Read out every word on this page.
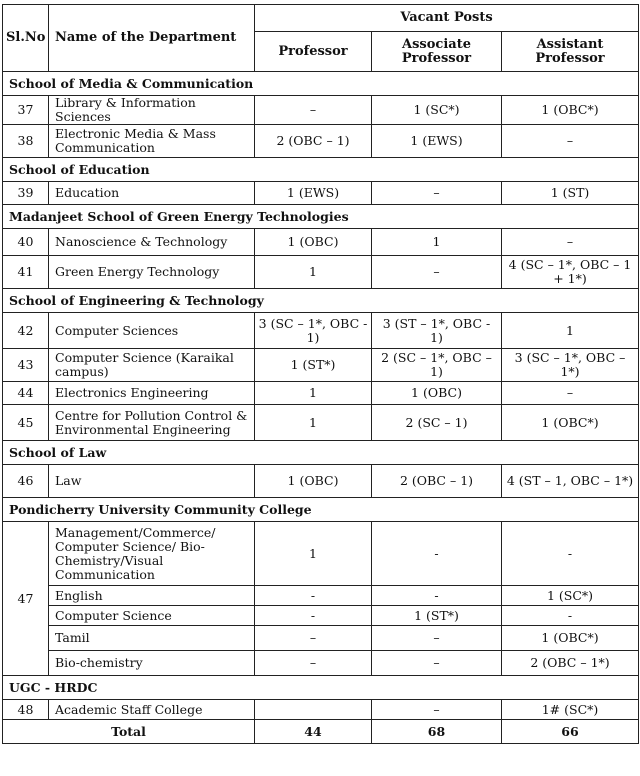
Sl.No	Name of the Department	Vacant Posts		
		Professor	Associate Professor	Assistant Professor
School of Media & Communication				
37	Library & Information Sciences	–	1 (SC*)	1 (OBC*)
38	Electronic Media & Mass Communication	2 (OBC – 1)	1 (EWS)	–
School of Education				
39	Education	1 (EWS)	–	1 (ST)
Madanjeet School of Green Energy Technologies				
40	Nanoscience & Technology	1 (OBC)	1	–
41	Green Energy Technology	1	–	4 (SC – 1*, OBC – 1 + 1*)
School of Engineering & Technology				
42	Computer Sciences	3 (SC – 1*, OBC - 1)	3 (ST – 1*, OBC - 1)	1
43	Computer Science (Karaikal campus)	1 (ST*)	2 (SC – 1*, OBC – 1)	3 (SC – 1*, OBC – 1*)
44	Electronics Engineering	1	1 (OBC)	–
45	Centre for Pollution Control & Environmental Engineering	1	2 (SC – 1)	1 (OBC*)
School of Law				
46	Law	1 (OBC)	2 (OBC – 1)	4 (ST – 1, OBC – 1*)
Pondicherry University Community College				
47	Management/Commerce/ Computer Science/ Bio-Chemistry/Visual Communication	1	-	-
	English	-	-	1 (SC*)
	Computer Science	-	1 (ST*)	-
	Tamil	–	–	1 (OBC*)
	Bio-chemistry	–	–	2 (OBC – 1*)
UGC - HRDC				
48	Academic Staff College		–	1# (SC*)
Total		44	68	66
